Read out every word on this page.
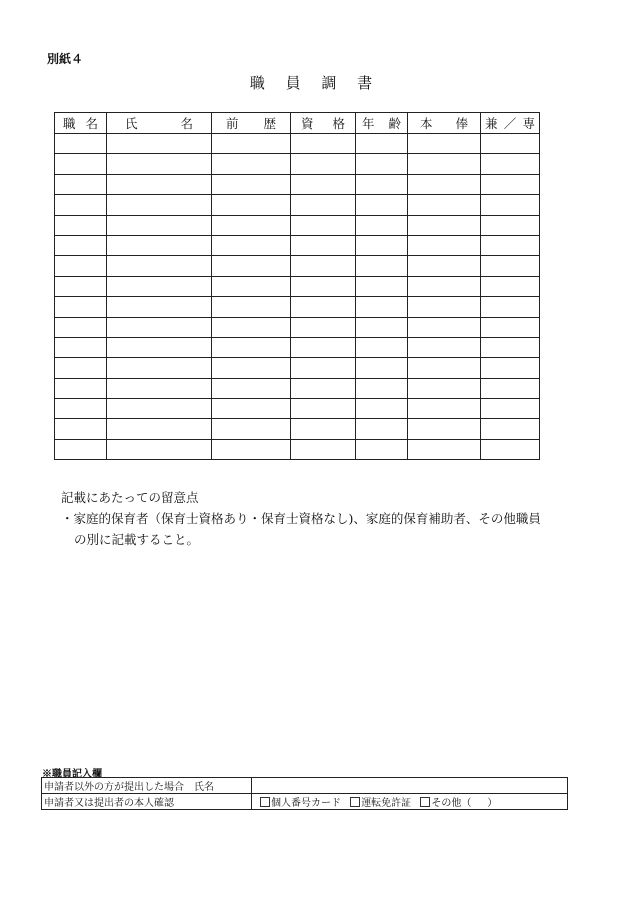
別紙４
職 員 調 書
職 名	氏 名	前 歴	資 格	年 齢	本 俸	兼 ／ 専

記載にあたっての留意点
・家庭的保育者（保育士資格あり・保育士資格なし)、家庭的保育補助者、その他職員
の別に記載すること。
※職員記入欄
申請者以外の方が提出した場合　氏名	
申請者又は提出者の本人確認	個人番号カード 運転免許証 その他（ ）
